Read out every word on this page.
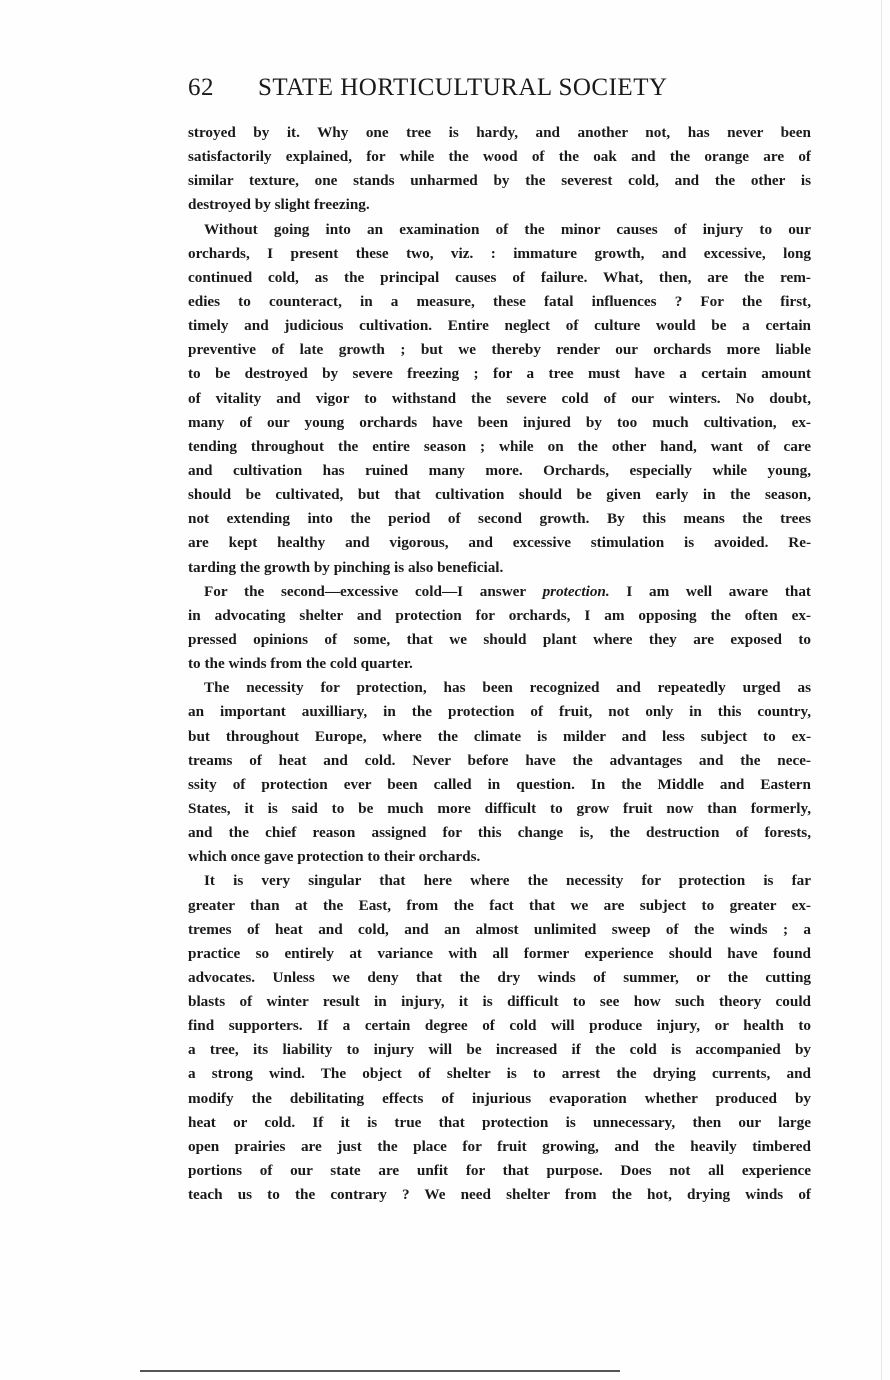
62 STATE HORTICULTURAL SOCIETY
stroyed by it. Why one tree is hardy, and another not, has never been
satisfactorily explained, for while the wood of the oak and the orange are of
similar texture, one stands unharmed by the severest cold, and the other is
destroyed by slight freezing.
Without going into an examination of the minor causes of injury to our
orchards, I present these two, viz. : immature growth, and excessive, long
continued cold, as the principal causes of failure. What, then, are the rem-
edies to counteract, in a measure, these fatal influences ? For the first,
timely and judicious cultivation. Entire neglect of culture would be a certain
preventive of late growth ; but we thereby render our orchards more liable
to be destroyed by severe freezing ; for a tree must have a certain amount
of vitality and vigor to withstand the severe cold of our winters. No doubt,
many of our young orchards have been injured by too much cultivation, ex-
tending throughout the entire season ; while on the other hand, want of care
and cultivation has ruined many more. Orchards, especially while young,
should be cultivated, but that cultivation should be given early in the season,
not extending into the period of second growth. By this means the trees
are kept healthy and vigorous, and excessive stimulation is avoided. Re-
tarding the growth by pinching is also beneficial.
For the second—excessive cold—I answer protection. I am well aware that
in advocating shelter and protection for orchards, I am opposing the often ex-
pressed opinions of some, that we should plant where they are exposed to
to the winds from the cold quarter.
The necessity for protection, has been recognized and repeatedly urged as
an important auxilliary, in the protection of fruit, not only in this country,
but throughout Europe, where the climate is milder and less subject to ex-
treams of heat and cold. Never before have the advantages and the nece-
ssity of protection ever been called in question. In the Middle and Eastern
States, it is said to be much more difficult to grow fruit now than formerly,
and the chief reason assigned for this change is, the destruction of forests,
which once gave protection to their orchards.
It is very singular that here where the necessity for protection is far
greater than at the East, from the fact that we are subject to greater ex-
tremes of heat and cold, and an almost unlimited sweep of the winds ; a
practice so entirely at variance with all former experience should have found
advocates. Unless we deny that the dry winds of summer, or the cutting
blasts of winter result in injury, it is difficult to see how such theory could
find supporters. If a certain degree of cold will produce injury, or health to
a tree, its liability to injury will be increased if the cold is accompanied by
a strong wind. The object of shelter is to arrest the drying currents, and
modify the debilitating effects of injurious evaporation whether produced by
heat or cold. If it is true that protection is unnecessary, then our large
open prairies are just the place for fruit growing, and the heavily timbered
portions of our state are unfit for that purpose. Does not all experience
teach us to the contrary ? We need shelter from the hot, drying winds of
